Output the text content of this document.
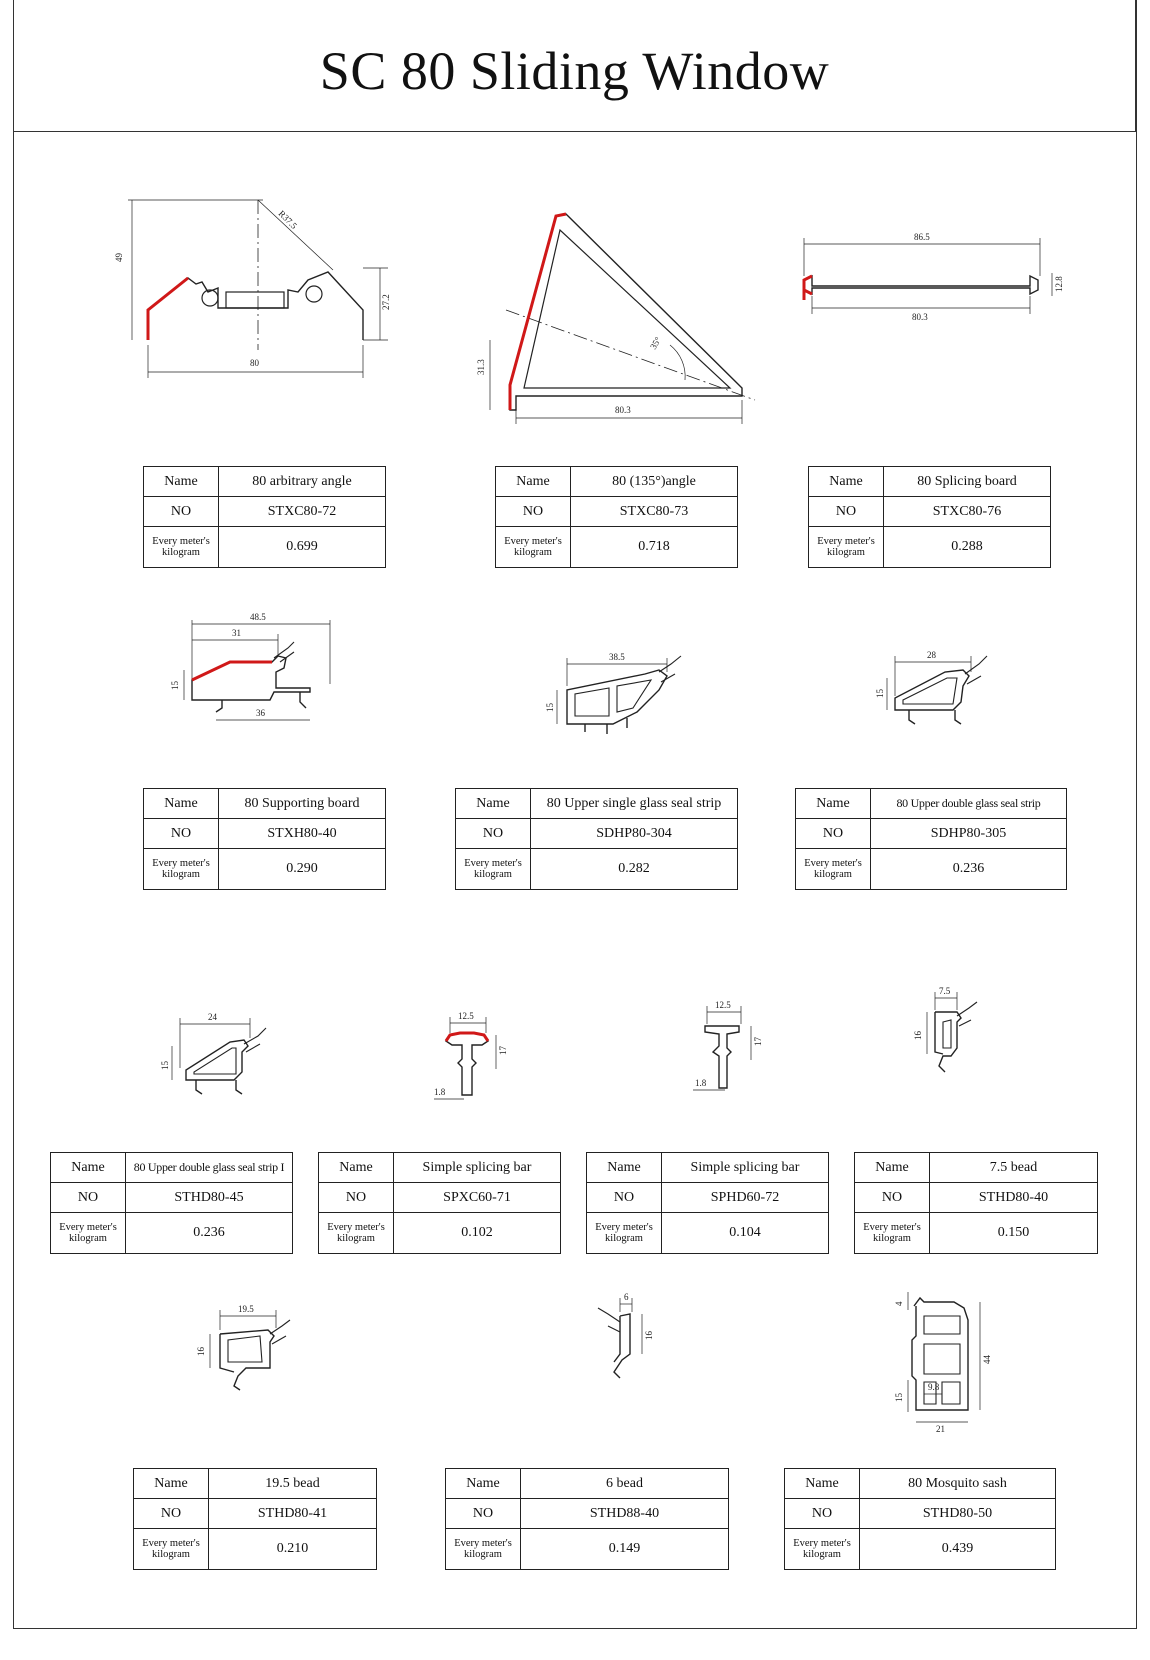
SC 80 Sliding Window
49
R37.5
27.2
80	31.3
80.3
35°
86.5
80.3
12.8
Name	80 arbitrary angle
NO	STXC80-72
Every meter's kilogram	0.699
Name	80 (135°)angle
NO	STXC80-73
Every meter's kilogram	0.718
Name	80 Splicing board
NO	STXC80-76
Every meter's kilogram	0.288
48.5
31
15
36
38.5
15
28
15
Name	80 Supporting board
NO	STXH80-40
Every meter's kilogram	0.290
Name	80 Upper single glass seal strip
NO	SDHP80-304
Every meter's kilogram	0.282
Name	80 Upper double glass seal strip
NO	SDHP80-305
Every meter's kilogram	0.236
24
15
12.5
17
1.8
12.5
17
1.8
7.5
16
Name	80 Upper double glass seal strip I
NO	STHD80-45
Every meter's kilogram	0.236
Name	Simple splicing bar
NO	SPXC60-71
Every meter's kilogram	0.102
Name	Simple splicing bar
NO	SPHD60-72
Every meter's kilogram	0.104
Name	7.5 bead
NO	STHD80-40
Every meter's kilogram	0.150
19.5
16
6
16
4
44
15
9.8
21
Name	19.5 bead
NO	STHD80-41
Every meter's kilogram	0.210
Name	6 bead
NO	STHD88-40
Every meter's kilogram	0.149
Name	80 Mosquito sash
NO	STHD80-50
Every meter's kilogram	0.439
